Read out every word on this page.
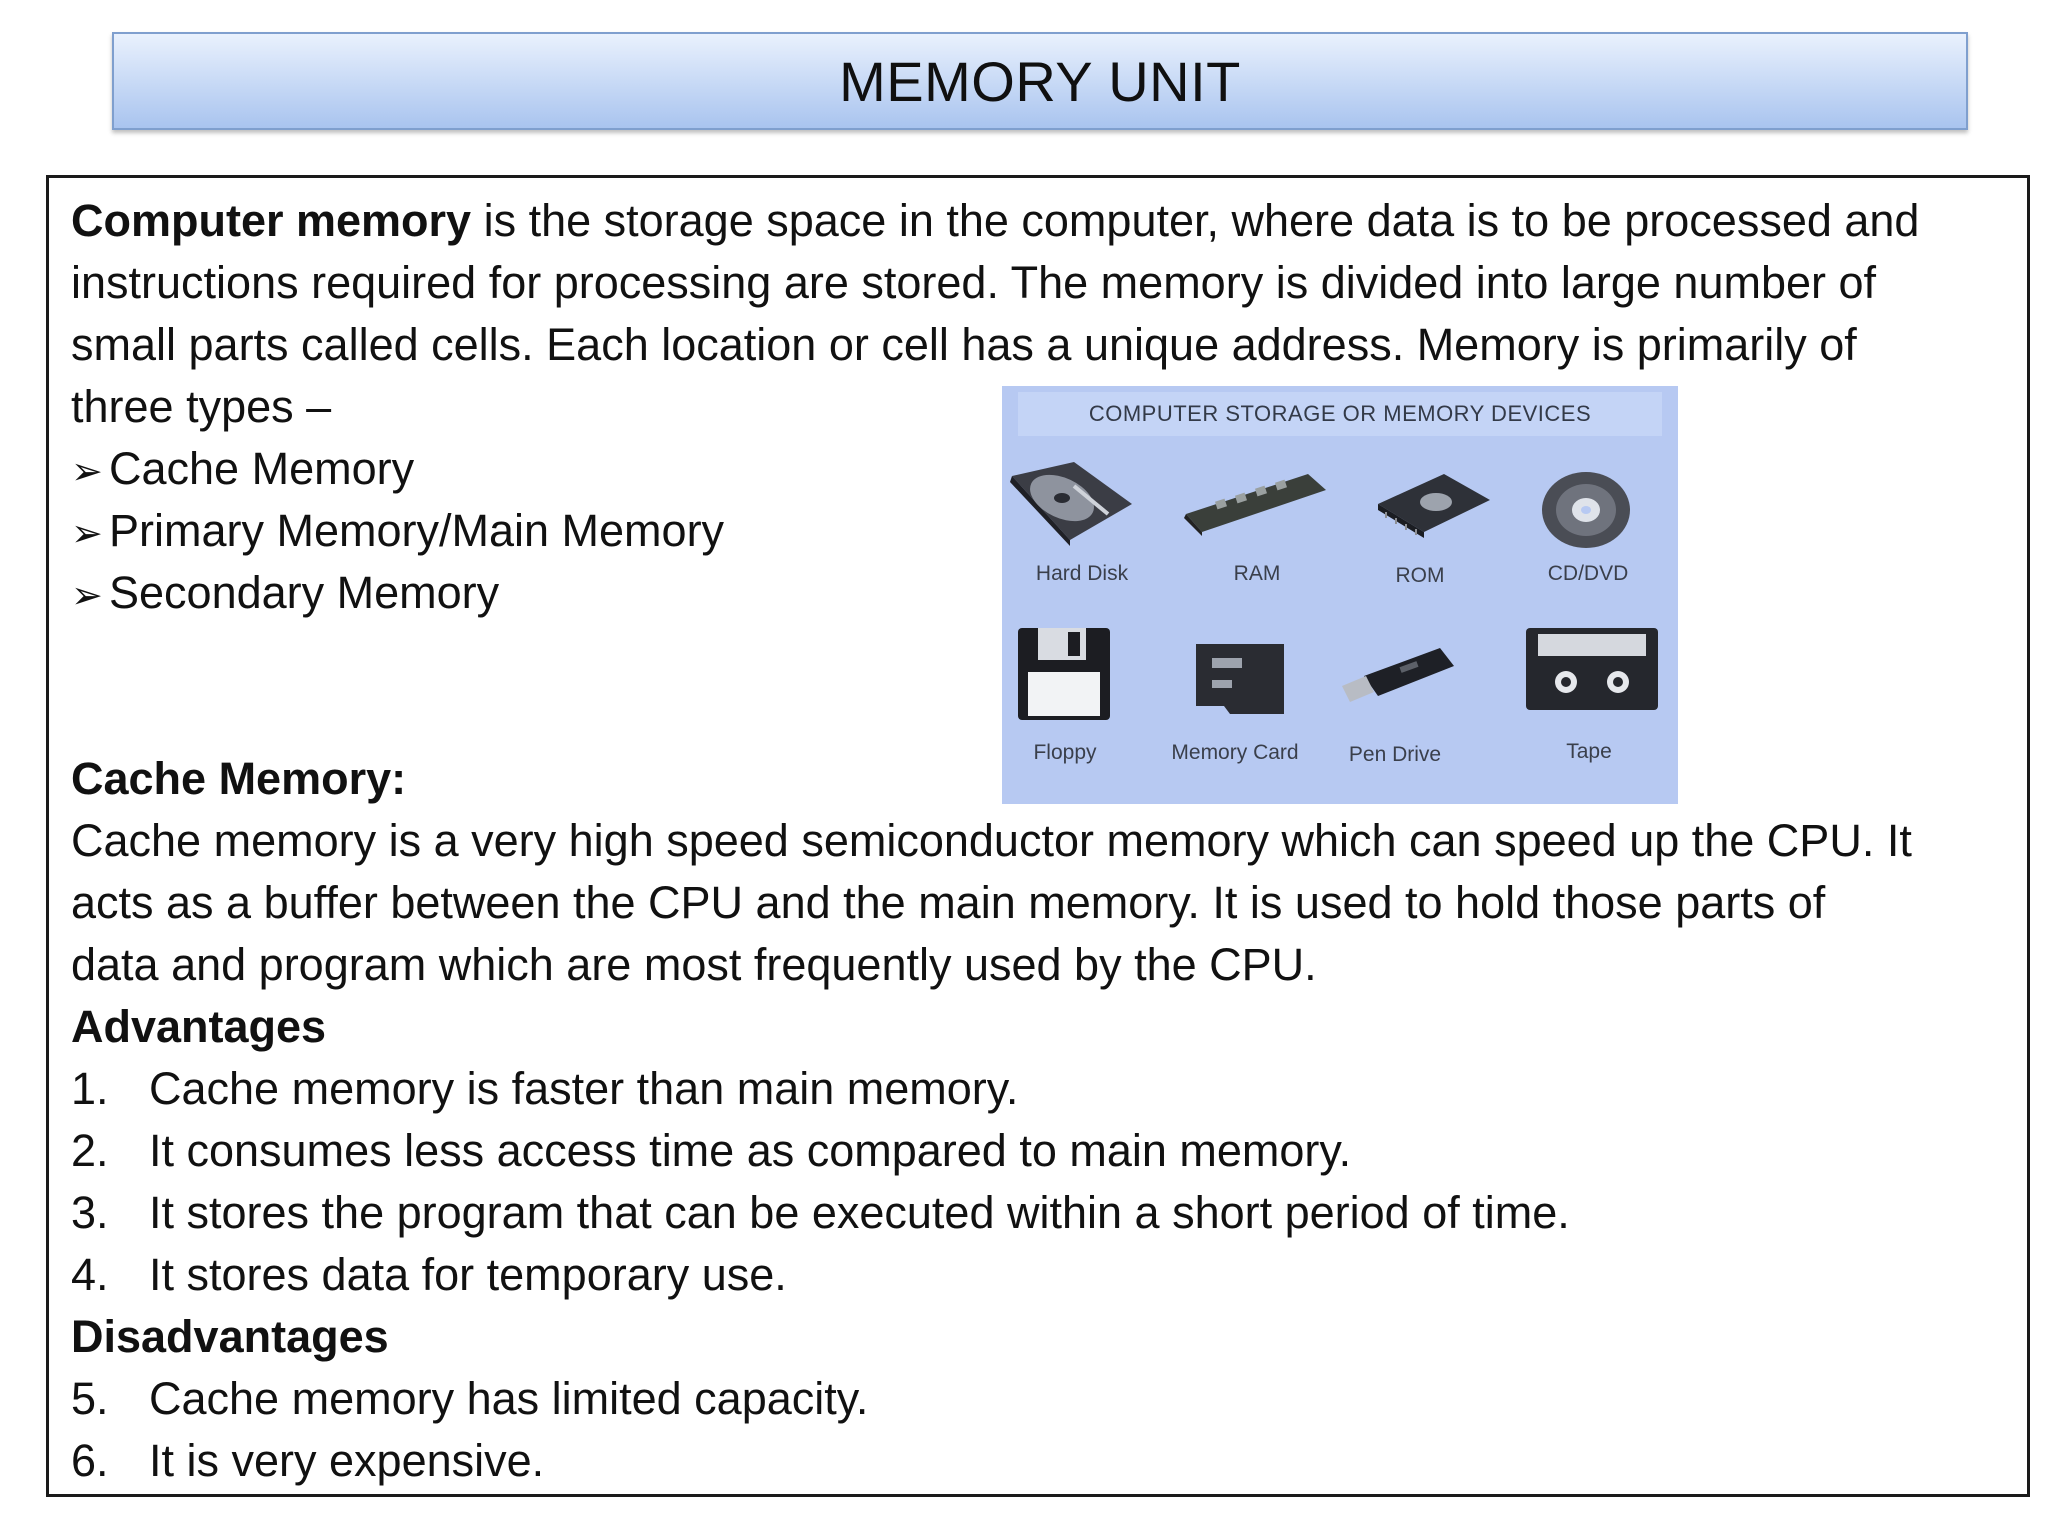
MEMORY UNIT

Computer memory is the storage space in the computer, where data is to be processed and

instructions required for processing are stored. The memory is divided into large number of

small parts called cells. Each location or cell has a unique address. Memory is primarily of

three types –

➢ Cache Memory

➢ Primary Memory/Main Memory

➢ Secondary Memory

COMPUTER STORAGE OR MEMORY DEVICES

Hard Disk	RAM	ROM	CD/DVD

Floppy	Memory Card	Pen Drive	Tape

Cache Memory:

Cache memory is a very high speed semiconductor memory which can speed up the CPU. It

acts as a buffer between the CPU and the main memory. It is used to hold those parts of

data and program which are most frequently used by the CPU.

Advantages

1. Cache memory is faster than main memory.

2. It consumes less access time as compared to main memory.

3. It stores the program that can be executed within a short period of time.

4. It stores data for temporary use.

Disadvantages

5. Cache memory has limited capacity.

6. It is very expensive.
